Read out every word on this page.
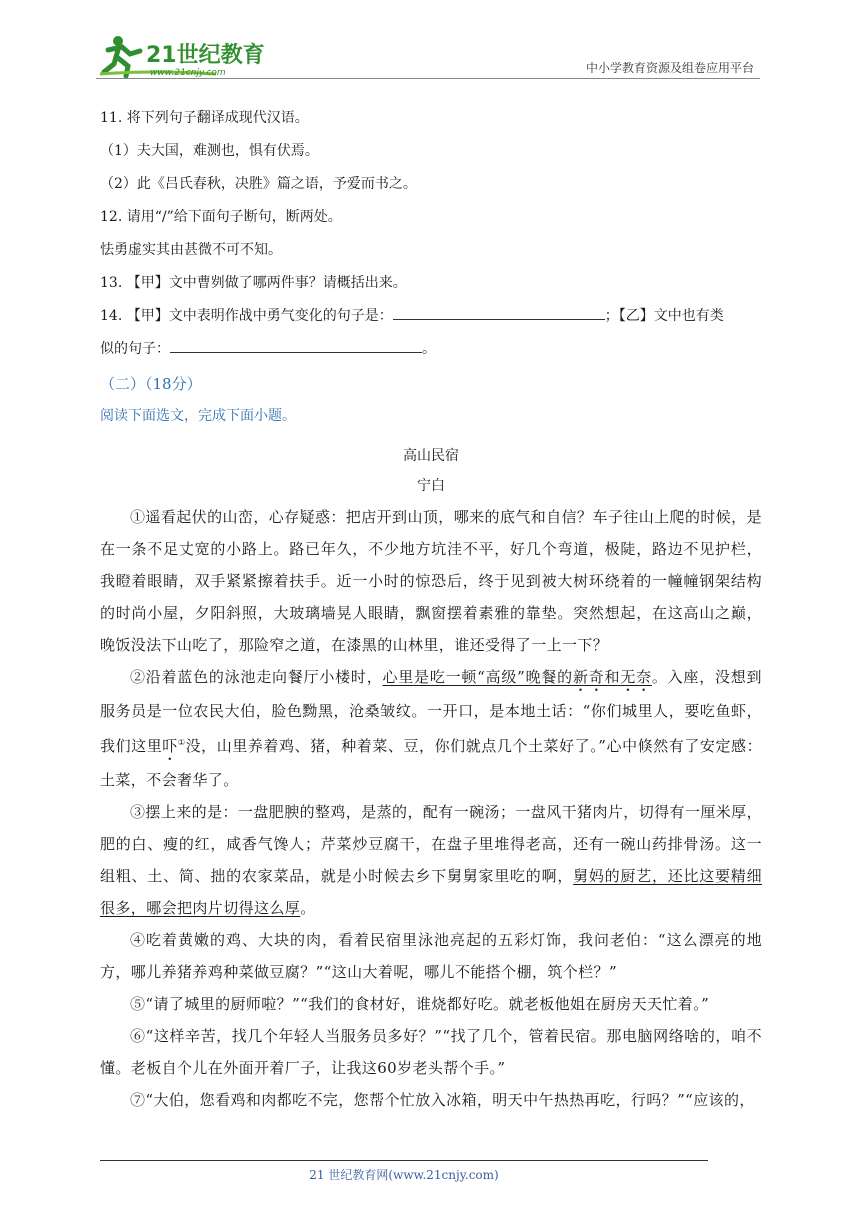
21世纪教育
www.21cnjy.com	中小学教育资源及组卷应用平台

11. 将下列句子翻译成现代汉语。

（1）夫大国，难测也，惧有伏焉。

（2）此《吕氏春秋，决胜》篇之语，予爱而书之。

12. 请用“/”给下面句子断句，断两处。

怯勇虚实其由甚微不可不知。

13. 【甲】文中曹刿做了哪两件事？请概括出来。

14. 【甲】文中表明作战中勇气变化的句子是：	；【乙】文中也有类

似的句子：	。

（二）（18分）

阅读下面选文，完成下面小题。

高山民宿

宁白

①遥看起伏的山峦，心存疑惑：把店开到山顶，哪来的底气和自信？车子往山上爬的时候，是在一条不足丈宽的小路上。路已年久，不少地方坑洼不平，好几个弯道，极陡，路边不见护栏，我瞪着眼睛，双手紧紧擦着扶手。近一小时的惊恐后，终于见到被大树环绕着的一幢幢钢架结构的时尚小屋，夕阳斜照，大玻璃墙晃人眼睛，飘窗摆着素雅的靠垫。突然想起，在这高山之巅，晚饭没法下山吃了，那险窄之道，在漆黑的山林里，谁还受得了一上一下？

②沿着蓝色的泳池走向餐厅小楼时，心里是吃一顿“高级”晚餐的新奇和无奈。入座，没想到服务员是一位农民大伯，脸色黝黑，沧桑皱纹。一开口，是本地土话：“你们城里人，要吃鱼虾，我们这里吓①没，山里养着鸡、猪，种着菜、豆，你们就点几个土菜好了。”心中倏然有了安定感：土菜，不会奢华了。

③摆上来的是：一盘肥腴的整鸡，是蒸的，配有一碗汤；一盘风干猪肉片，切得有一厘米厚，肥的白、瘦的红，咸香气馋人；芹菜炒豆腐干，在盘子里堆得老高，还有一碗山药排骨汤。这一组粗、土、简、拙的农家菜品，就是小时候去乡下舅舅家里吃的啊，舅妈的厨艺，还比这要精细很多，哪会把肉片切得这么厚。

④吃着黄嫩的鸡、大块的肉，看着民宿里泳池亮起的五彩灯饰，我问老伯：“这么漂亮的地方，哪儿养猪养鸡种菜做豆腐？”“这山大着呢，哪儿不能搭个棚，筑个栏？”

⑤“请了城里的厨师啦？”“我们的食材好，谁烧都好吃。就老板他姐在厨房天天忙着。”

⑥“这样辛苦，找几个年轻人当服务员多好？”“找了几个，管着民宿。那电脑网络啥的，咱不懂。老板自个儿在外面开着厂子，让我这60岁老头帮个手。”

⑦“大伯，您看鸡和肉都吃不完，您帮个忙放入冰箱，明天中午热热再吃，行吗？”“应该的，

21 世纪教育网(www.21cnjy.com)
